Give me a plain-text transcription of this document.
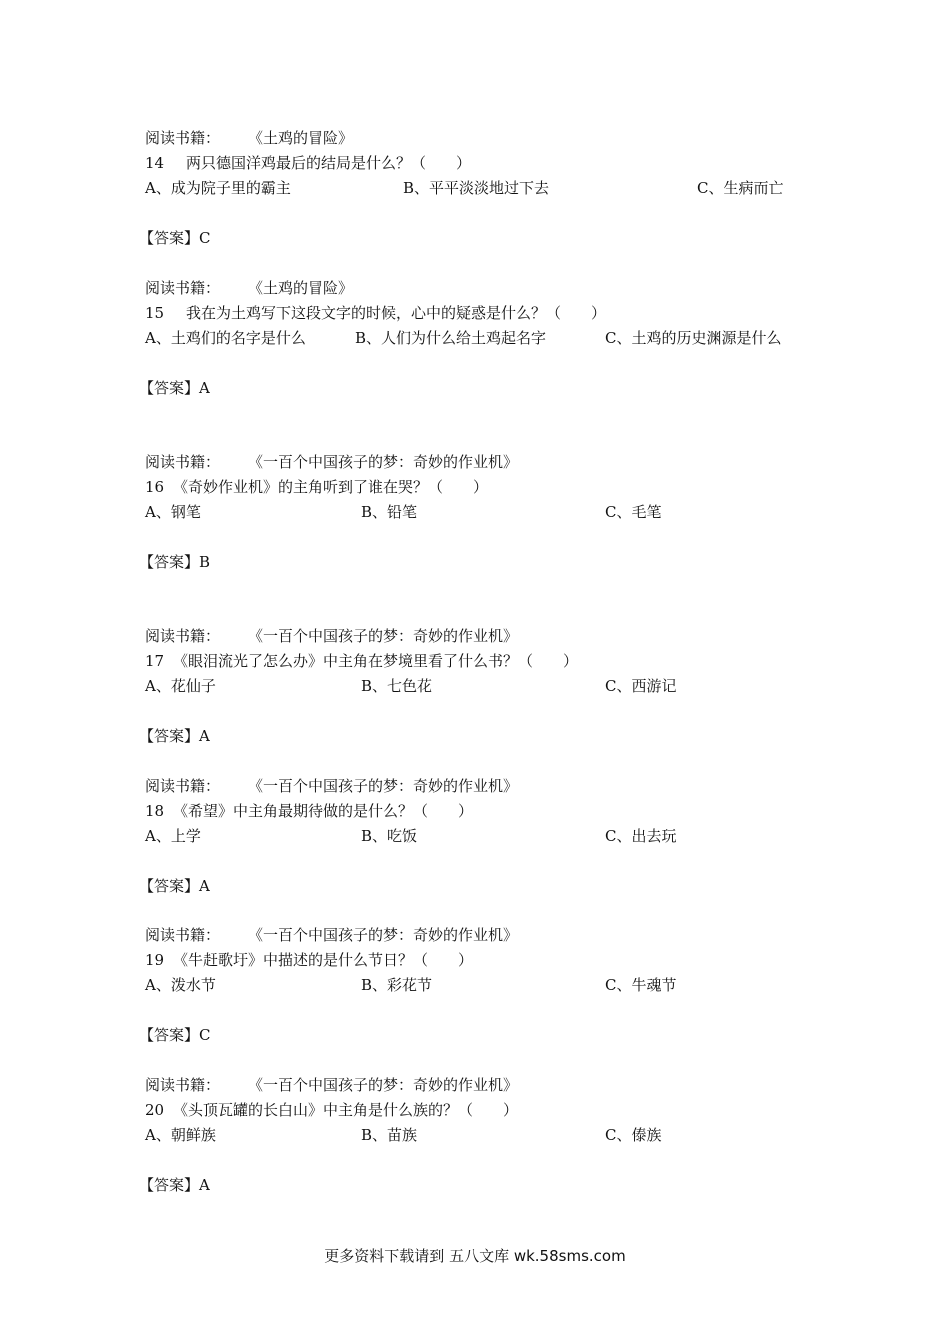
阅读书籍： 《土鸡的冒险》
14 两只德国洋鸡最后的结局是什么？（　　）
A、成为院子里的霸主	B、平平淡淡地过下去	C、生病而亡
【答案】C
阅读书籍： 《土鸡的冒险》
15 我在为土鸡写下这段文字的时候，心中的疑惑是什么？（　　）
A、土鸡们的名字是什么	B、人们为什么给土鸡起名字	C、土鸡的历史渊源是什么
【答案】A
阅读书籍： 《一百个中国孩子的梦：奇妙的作业机》
16 《奇妙作业机》的主角听到了谁在哭？（　　）
A、钢笔	B、铅笔	C、毛笔
【答案】B
阅读书籍： 《一百个中国孩子的梦：奇妙的作业机》
17 《眼泪流光了怎么办》中主角在梦境里看了什么书？（　　）
A、花仙子	B、七色花	C、西游记
【答案】A
阅读书籍： 《一百个中国孩子的梦：奇妙的作业机》
18 《希望》中主角最期待做的是什么？（　　）
A、上学	B、吃饭	C、出去玩
【答案】A
阅读书籍： 《一百个中国孩子的梦：奇妙的作业机》
19 《牛赶歌圩》中描述的是什么节日？（　　）
A、泼水节	B、彩花节	C、牛魂节
【答案】C
阅读书籍： 《一百个中国孩子的梦：奇妙的作业机》
20 《头顶瓦罐的长白山》中主角是什么族的？（　　）
A、朝鲜族	B、苗族	C、傣族
【答案】A
更多资料下载请到 五八文库 wk.58sms.com
